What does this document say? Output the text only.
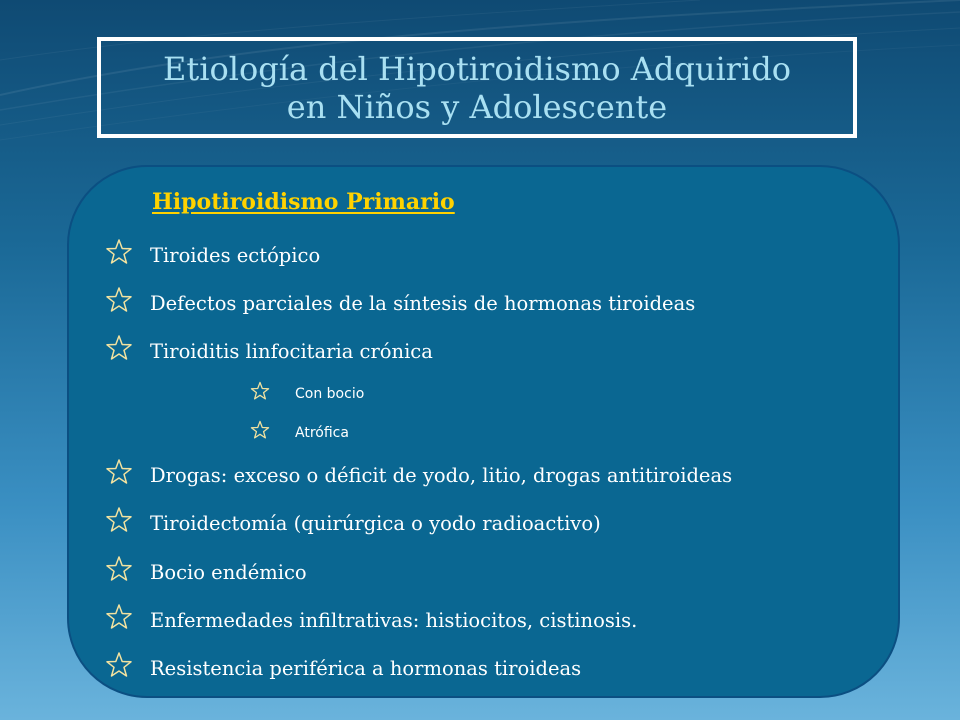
Etiología del Hipotiroidismo Adquirido
en Niños y Adolescente
Hipotiroidismo Primario
Tiroides ectópico
Defectos parciales de la síntesis de hormonas tiroideas
Tiroiditis linfocitaria crónica
Con bocio
Atrófica
Drogas: exceso o déficit de yodo, litio, drogas antitiroideas
Tiroidectomía (quirúrgica o yodo radioactivo)
Bocio endémico
Enfermedades infiltrativas: histiocitos, cistinosis.
Resistencia periférica a hormonas tiroideas
